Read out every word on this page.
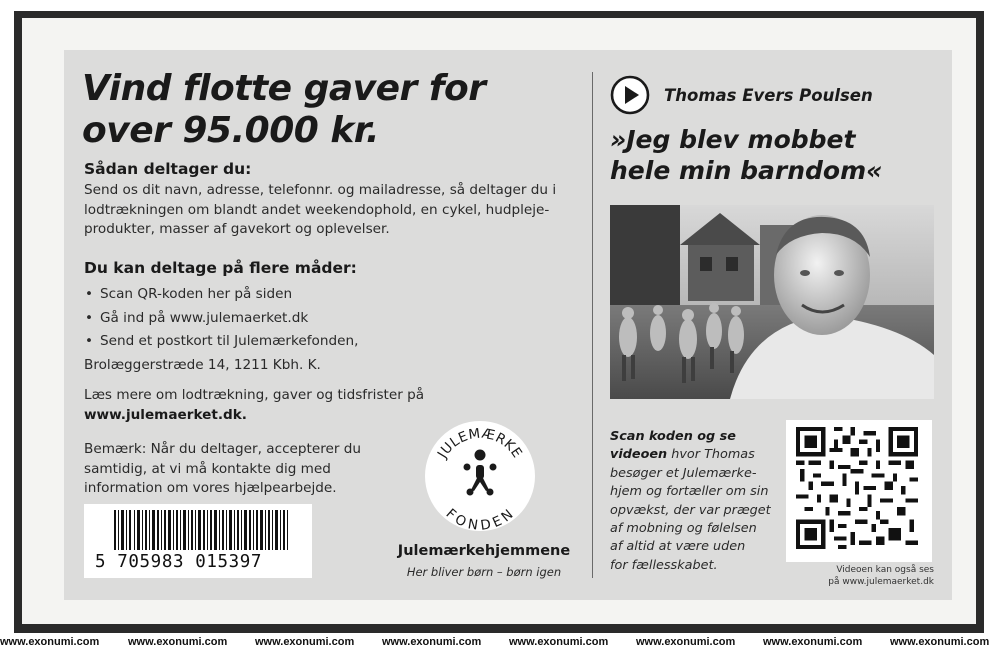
Vind flotte gaver for
over 95.000 kr.
Sådan deltager du:
Send os dit navn, adresse, telefonnr. og mailadresse, så deltager du i
lodtrækningen om blandt andet weekendophold, en cykel, hudpleje-
produkter, masser af gavekort og oplevelser.
Du kan deltage på flere måder:
• Scan QR-koden her på siden
• Gå ind på www.julemaerket.dk
• Send et postkort til Julemærkefonden,
Brolæggerstræde 14, 1211 Kbh. K.
Læs mere om lodtrækning, gaver og tidsfrister på
www.julemaerket.dk.
Bemærk: Når du deltager, accepterer du
samtidig, at vi må kontakte dig med
information om vores hjælpearbejde.
5 705983 015397
JULEMÆRKE
FONDEN
Julemærkehjemmene
Her bliver børn – børn igen
Thomas Evers Poulsen
»Jeg blev mobbet
hele min barndom«
Scan koden og se
videoen hvor Thomas
besøger et Julemærke-
hjem og fortæller om sin
opvækst, der var præget
af mobning og følelsen
af altid at være uden
for fællesskabet.	Videoen kan også ses
på www.julemaerket.dk
www.exonumi.com	www.exonumi.com	www.exonumi.com	www.exonumi.com	www.exonumi.com	www.exonumi.com	www.exonumi.com	www.exonumi.com
